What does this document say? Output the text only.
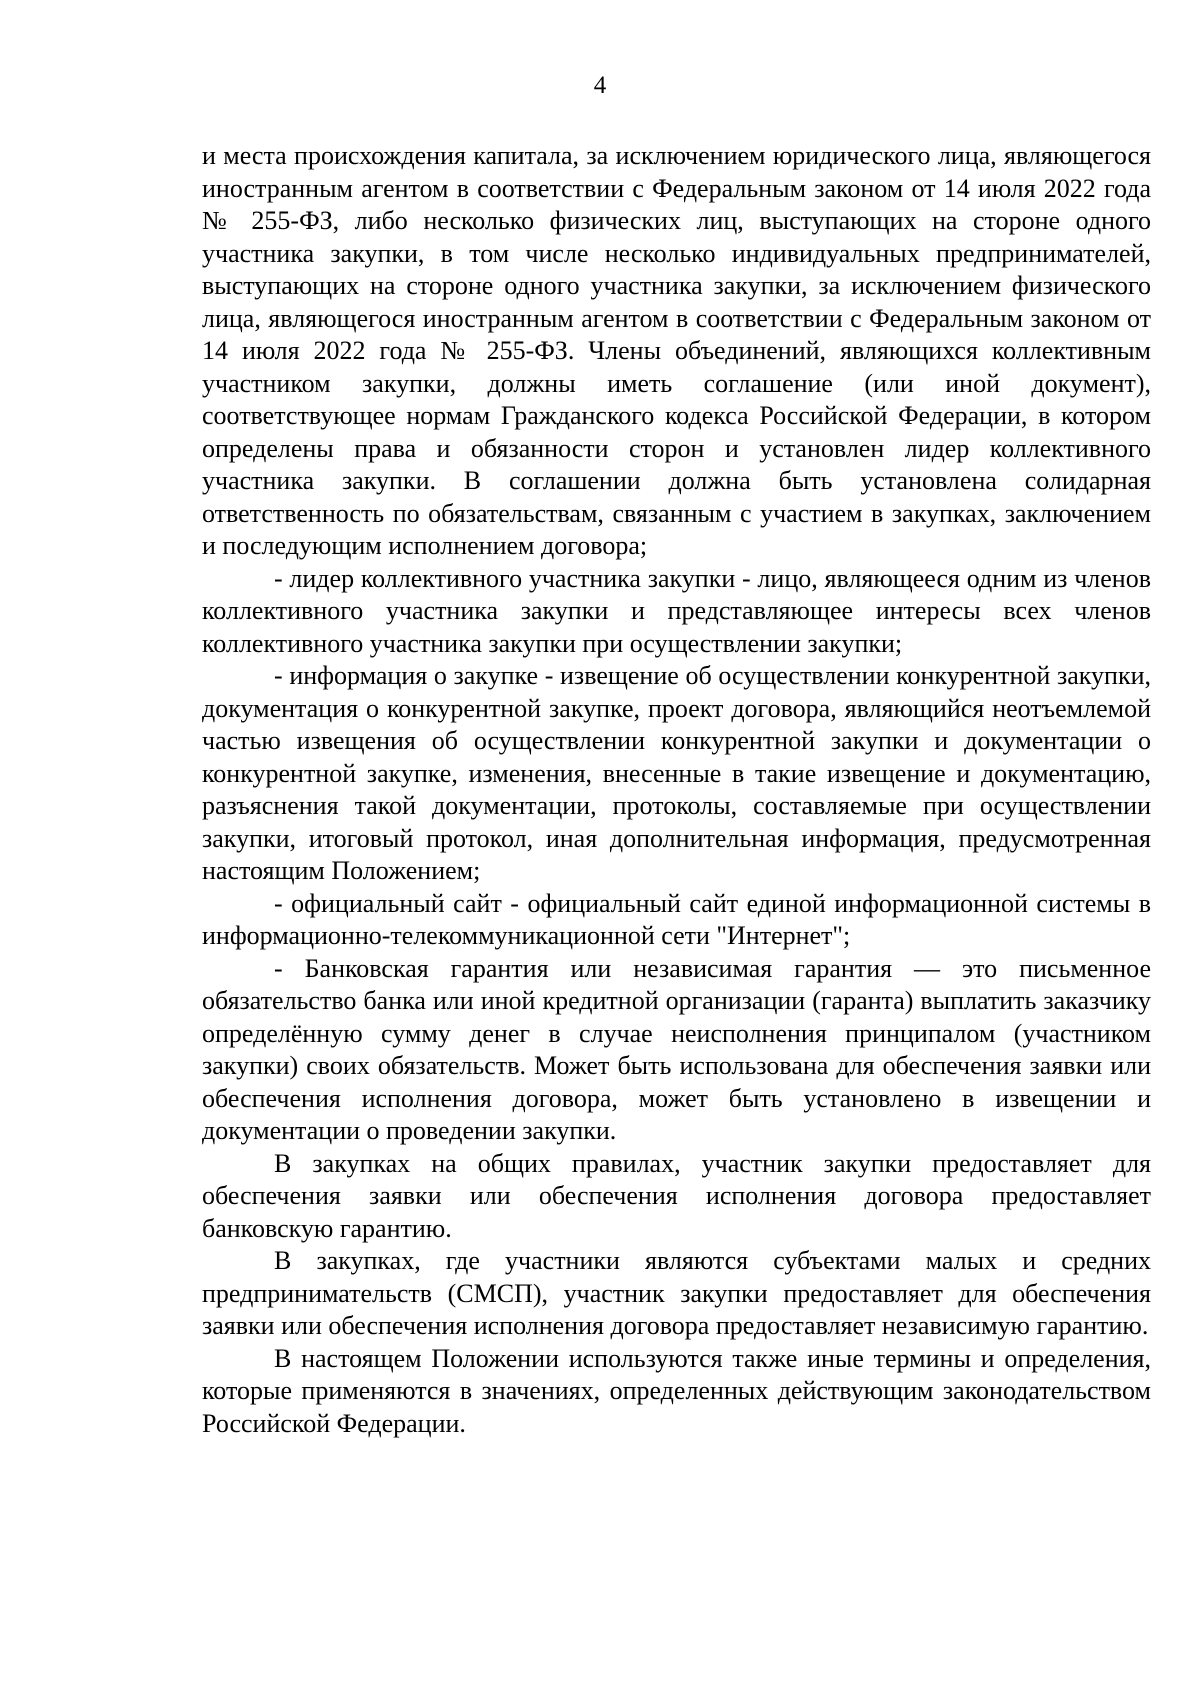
4

и места происхождения капитала, за исключением юридического лица, являющегося иностранным агентом в соответствии с Федеральным законом от 14 июля 2022 года № 255-ФЗ, либо несколько физических лиц, выступающих на стороне одного участника закупки, в том числе несколько индивидуальных предпринимателей, выступающих на стороне одного участника закупки, за исключением физического лица, являющегося иностранным агентом в соответствии с Федеральным законом от 14 июля 2022 года № 255-ФЗ. Члены объединений, являющихся коллективным участником закупки, должны иметь соглашение (или иной документ), соответствующее нормам Гражданского кодекса Российской Федерации, в котором определены права и обязанности сторон и установлен лидер коллективного участника закупки. В соглашении должна быть установлена солидарная ответственность по обязательствам, связанным с участием в закупках, заключением и последующим исполнением договора;

- лидер коллективного участника закупки - лицо, являющееся одним из членов коллективного участника закупки и представляющее интересы всех членов коллективного участника закупки при осуществлении закупки;

- информация о закупке - извещение об осуществлении конкурентной закупки, документация о конкурентной закупке, проект договора, являющийся неотъемлемой частью извещения об осуществлении конкурентной закупки и документации о конкурентной закупке, изменения, внесенные в такие извещение и документацию, разъяснения такой документации, протоколы, составляемые при осуществлении закупки, итоговый протокол, иная дополнительная информация, предусмотренная настоящим Положением;

- официальный сайт - официальный сайт единой информационной системы в информационно-телекоммуникационной сети "Интернет";

- Банковская гарантия или независимая гарантия — это письменное обязательство банка или иной кредитной организации (гаранта) выплатить заказчику определённую сумму денег в случае неисполнения принципалом (участником закупки) своих обязательств. Может быть использована для обеспечения заявки или обеспечения исполнения договора, может быть установлено в извещении и документации о проведении закупки.

В закупках на общих правилах, участник закупки предоставляет для обеспечения заявки или обеспечения исполнения договора предоставляет банковскую гарантию.

В закупках, где участники являются субъектами малых и средних предпринимательств (СМСП), участник закупки предоставляет для обеспечения заявки или обеспечения исполнения договора предоставляет независимую гарантию.

В настоящем Положении используются также иные термины и определения, которые применяются в значениях, определенных действующим законодательством Российской Федерации.
